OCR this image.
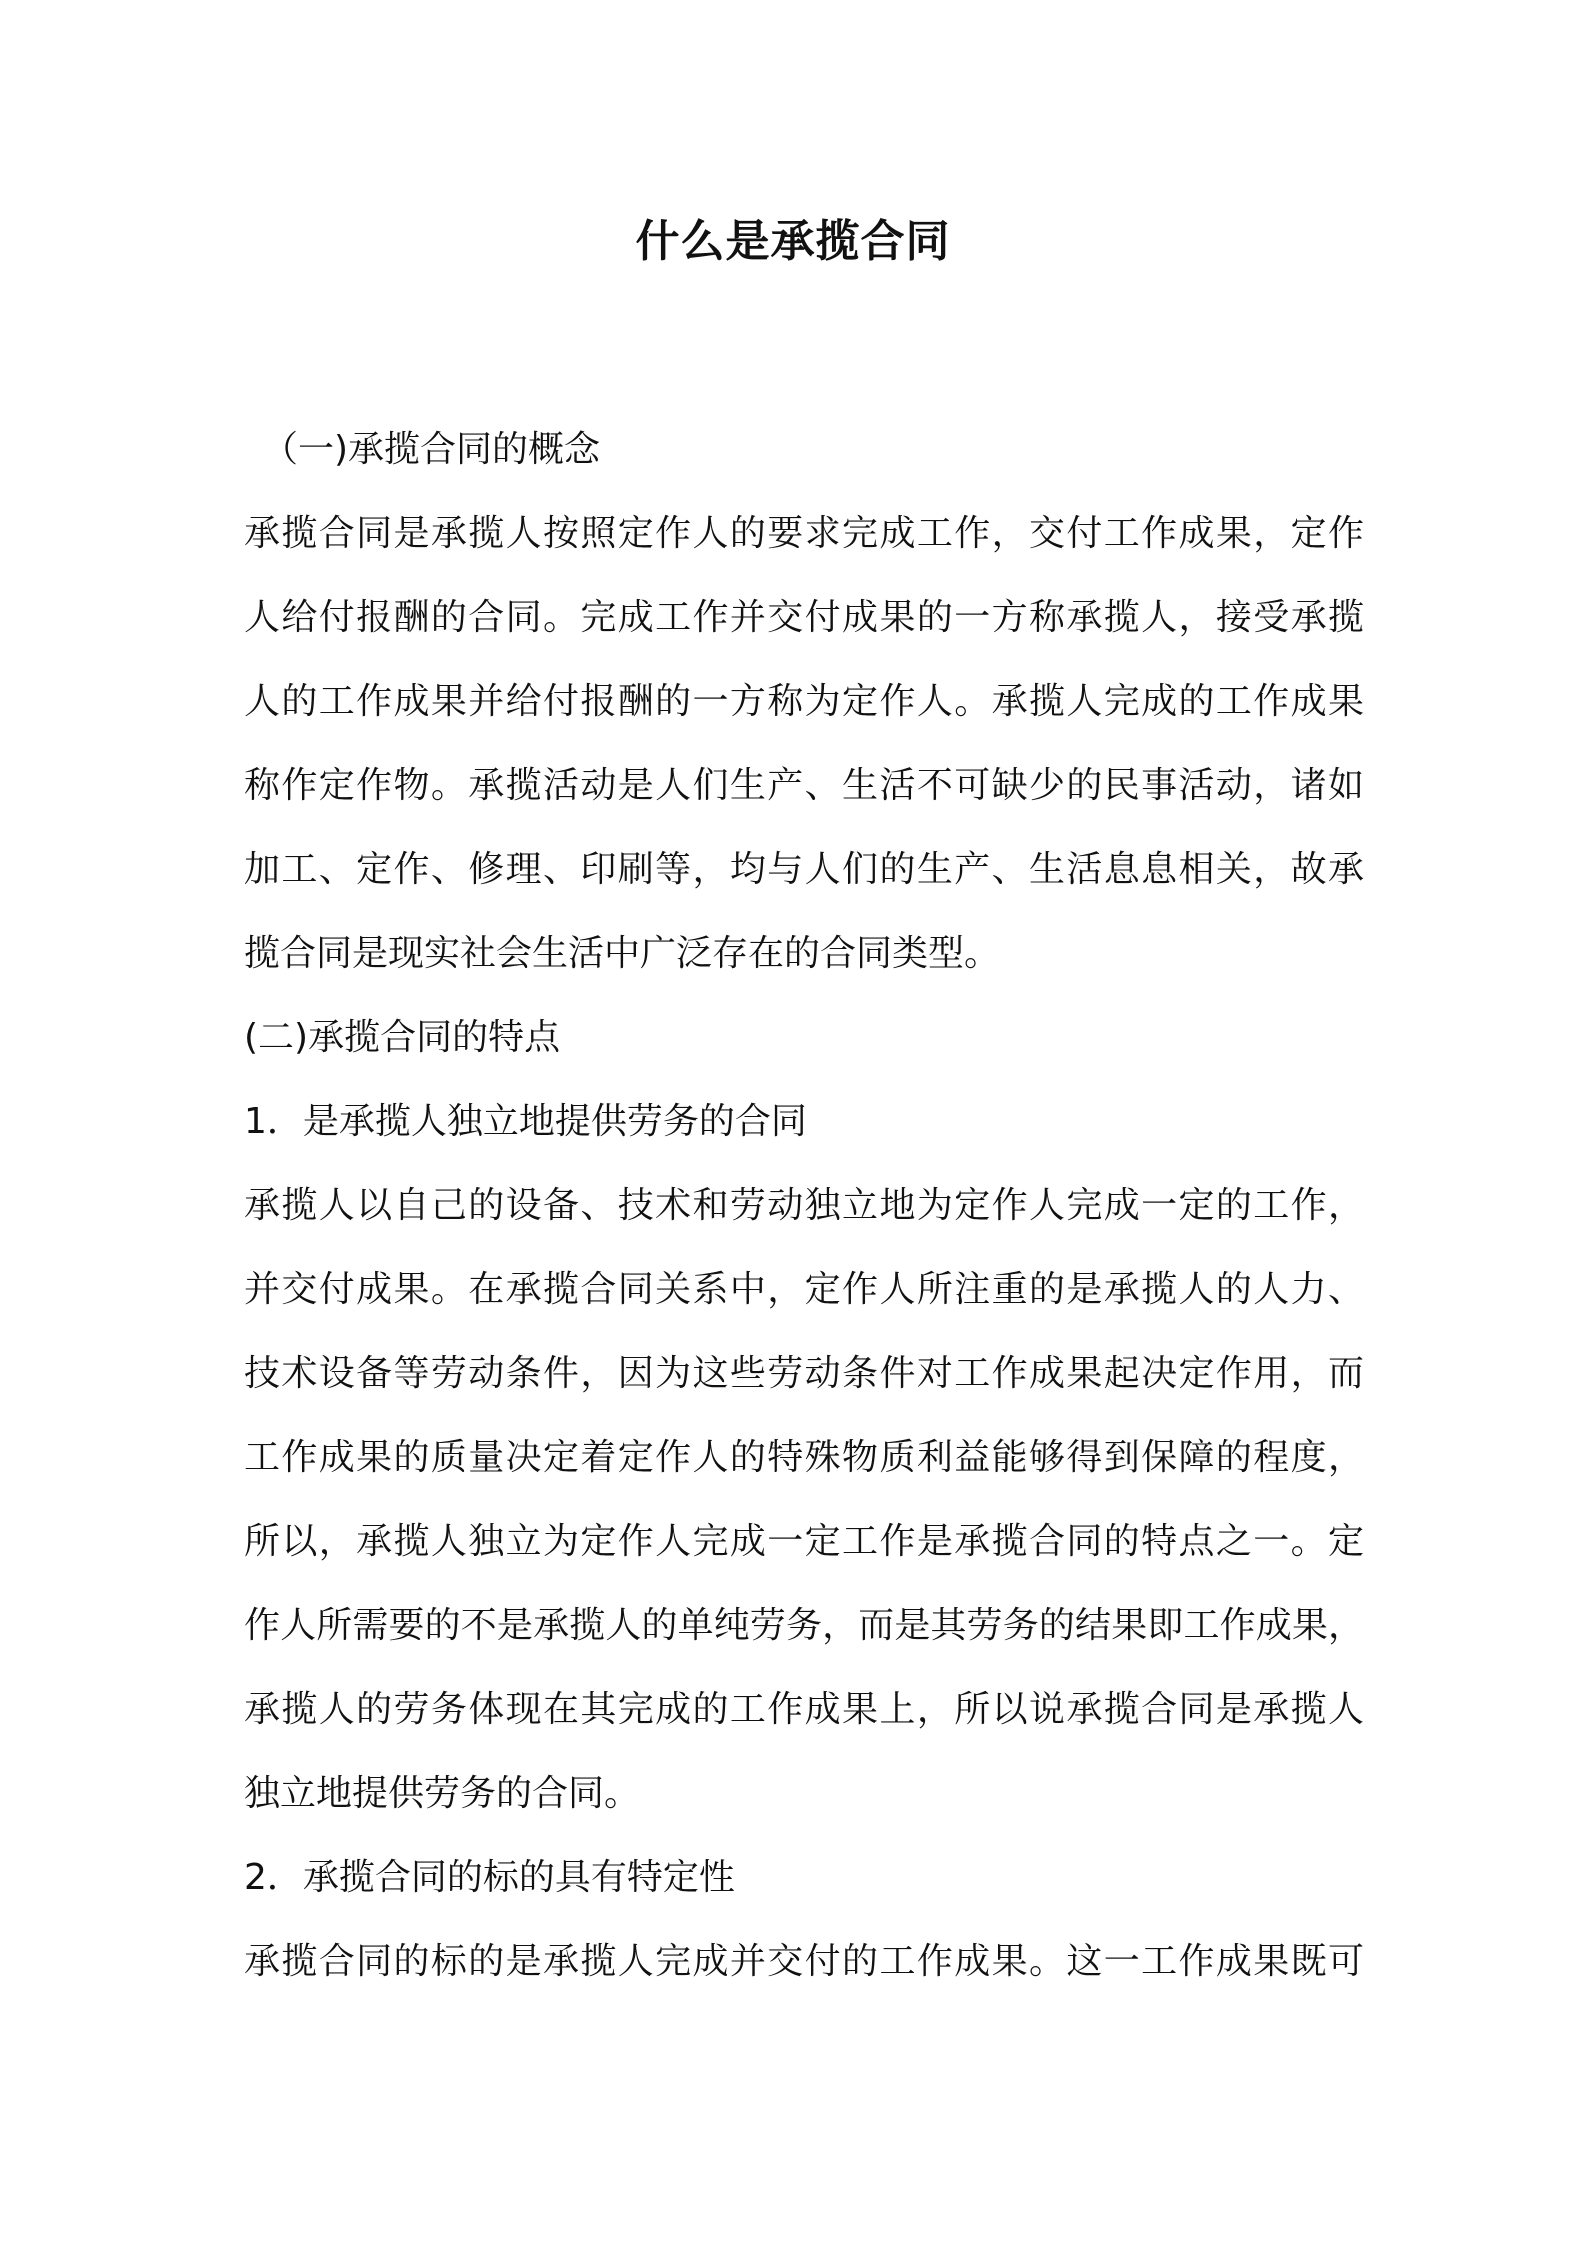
什么是承揽合同
（一)承揽合同的概念
承揽合同是承揽人按照定作人的要求完成工作，交付工作成果，定作
人给付报酬的合同。完成工作并交付成果的一方称承揽人，接受承揽
人的工作成果并给付报酬的一方称为定作人。承揽人完成的工作成果
称作定作物。承揽活动是人们生产、生活不可缺少的民事活动，诸如
加工、定作、修理、印刷等，均与人们的生产、生活息息相关，故承
揽合同是现实社会生活中广泛存在的合同类型。
(二)承揽合同的特点
1．是承揽人独立地提供劳务的合同
承揽人以自己的设备、技术和劳动独立地为定作人完成一定的工作，
并交付成果。在承揽合同关系中，定作人所注重的是承揽人的人力、
技术设备等劳动条件，因为这些劳动条件对工作成果起决定作用，而
工作成果的质量决定着定作人的特殊物质利益能够得到保障的程度，
所以，承揽人独立为定作人完成一定工作是承揽合同的特点之一。定
作人所需要的不是承揽人的单纯劳务，而是其劳务的结果即工作成果，
承揽人的劳务体现在其完成的工作成果上，所以说承揽合同是承揽人
独立地提供劳务的合同。
2．承揽合同的标的具有特定性
承揽合同的标的是承揽人完成并交付的工作成果。这一工作成果既可
